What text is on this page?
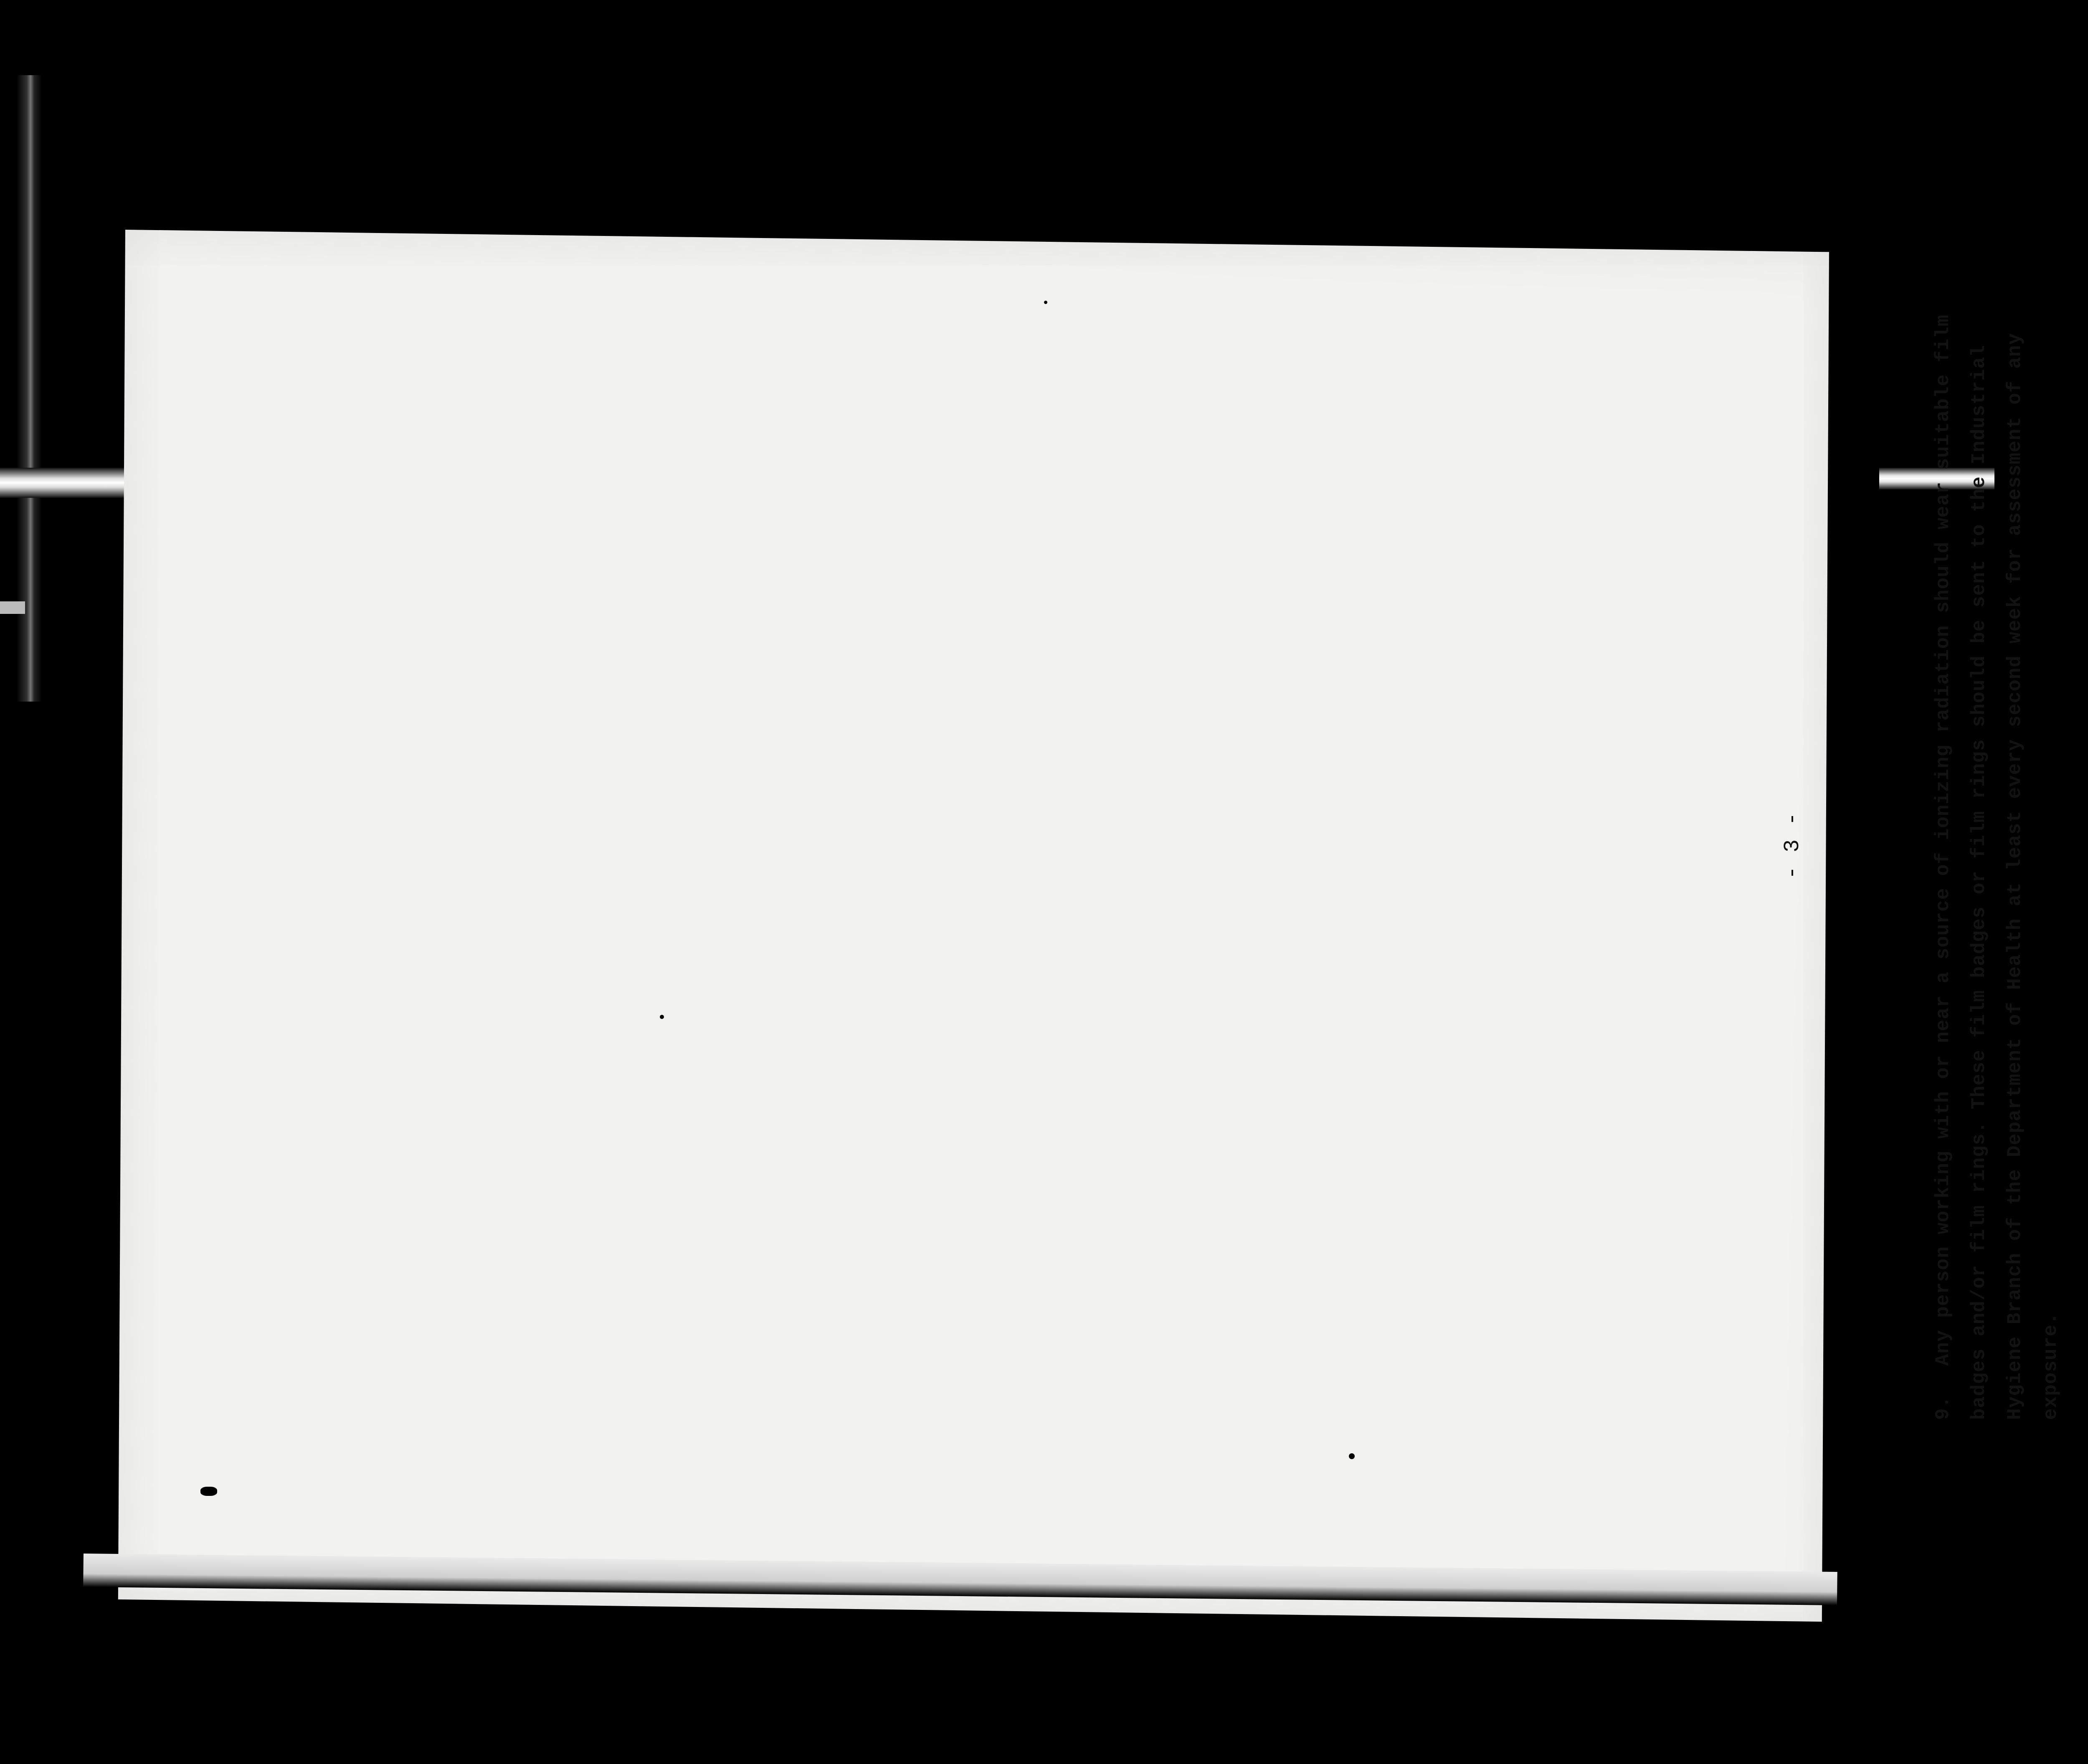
- 3 -

9.Any person working with or near a source of ionizing radiation should wear suitable film badges and/or film rings. These film badges or film rings should be sent to the Industrial Hygiene Branch of the Department of Health at least every second week for assessment of any exposure.
